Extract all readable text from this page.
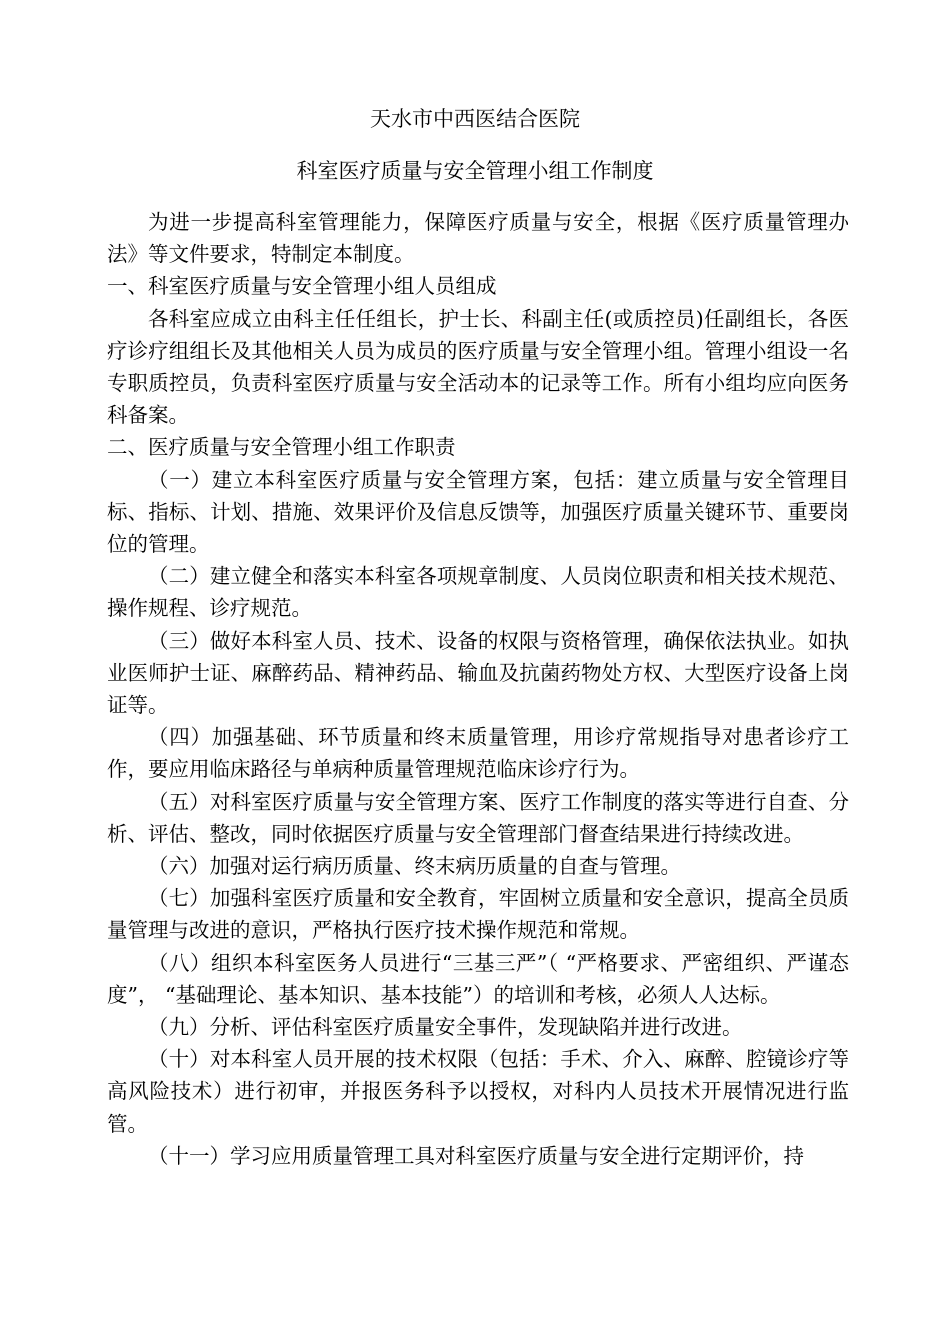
天水市中西医结合医院
科室医疗质量与安全管理小组工作制度

为进一步提高科室管理能力，保障医疗质量与安全，根据《医疗质量管理办法》等文件要求，特制定本制度。

一、科室医疗质量与安全管理小组人员组成

各科室应成立由科主任任组长，护士长、科副主任(或质控员)任副组长，各医疗诊疗组组长及其他相关人员为成员的医疗质量与安全管理小组。管理小组设一名专职质控员，负责科室医疗质量与安全活动本的记录等工作。所有小组均应向医务科备案。

二、医疗质量与安全管理小组工作职责

（一）建立本科室医疗质量与安全管理方案，包括：建立质量与安全管理目标、指标、计划、措施、效果评价及信息反馈等，加强医疗质量关键环节、重要岗位的管理。

（二）建立健全和落实本科室各项规章制度、人员岗位职责和相关技术规范、操作规程、诊疗规范。

（三）做好本科室人员、技术、设备的权限与资格管理，确保依法执业。如执业医师护士证、麻醉药品、精神药品、输血及抗菌药物处方权、大型医疗设备上岗证等。

（四）加强基础、环节质量和终末质量管理，用诊疗常规指导对患者诊疗工作，要应用临床路径与单病种质量管理规范临床诊疗行为。

（五）对科室医疗质量与安全管理方案、医疗工作制度的落实等进行自查、分析、评估、整改，同时依据医疗质量与安全管理部门督查结果进行持续改进。

（六）加强对运行病历质量、终末病历质量的自查与管理。

（七）加强科室医疗质量和安全教育，牢固树立质量和安全意识，提高全员质量管理与改进的意识，严格执行医疗技术操作规范和常规。

（八）组织本科室医务人员进行“三基三严”（ “严格要求、严密组织、严谨态度”， “基础理论、基本知识、基本技能”）的培训和考核，必须人人达标。

（九）分析、评估科室医疗质量安全事件，发现缺陷并进行改进。

（十）对本科室人员开展的技术权限（包括：手术、介入、麻醉、腔镜诊疗等高风险技术）进行初审，并报医务科予以授权，对科内人员技术开展情况进行监管。

（十一）学习应用质量管理工具对科室医疗质量与安全进行定期评价，持
